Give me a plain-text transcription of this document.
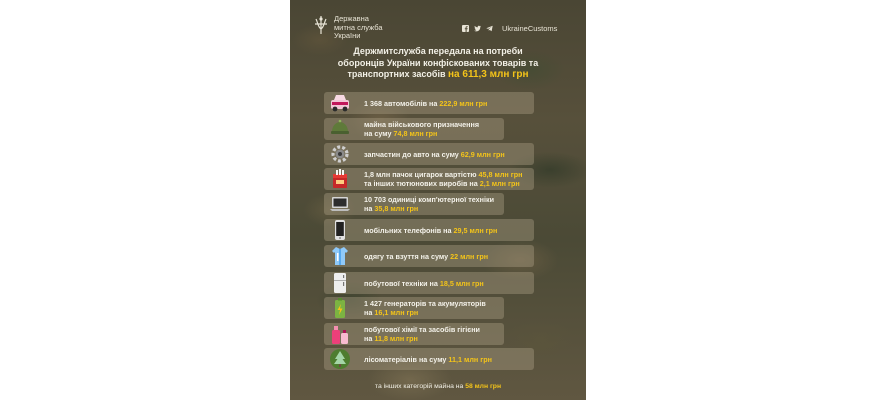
Державна
митна служба
України
UkraineCustoms
Держмитслужба передала на потреби
оборонців України конфіскованих товарів та
транспортних засобів на 611,3 млн грн
1 368 автомобілів на 222,9 млн грн
майна військового призначення
на суму 74,8 млн грн
запчастин до авто на суму 62,9 млн грн
1,8 млн пачок цигарок вартістю 45,8 млн грн
та інших тютюнових виробів на 2,1 млн грн
10 703 одиниці комп'ютерної техніки
на 35,8 млн грн
мобільних телефонів на 29,5 млн грн
одягу та взуття на суму 22 млн грн
побутової техніки на 18,5 млн грн
1 427 генераторів та акумуляторів
на 16,1 млн грн
побутової хімії та засобів гігієни
на 11,8 млн грн
лісоматеріалів на суму 11,1 млн грн
та інших категорій майна на 58 млн грн
